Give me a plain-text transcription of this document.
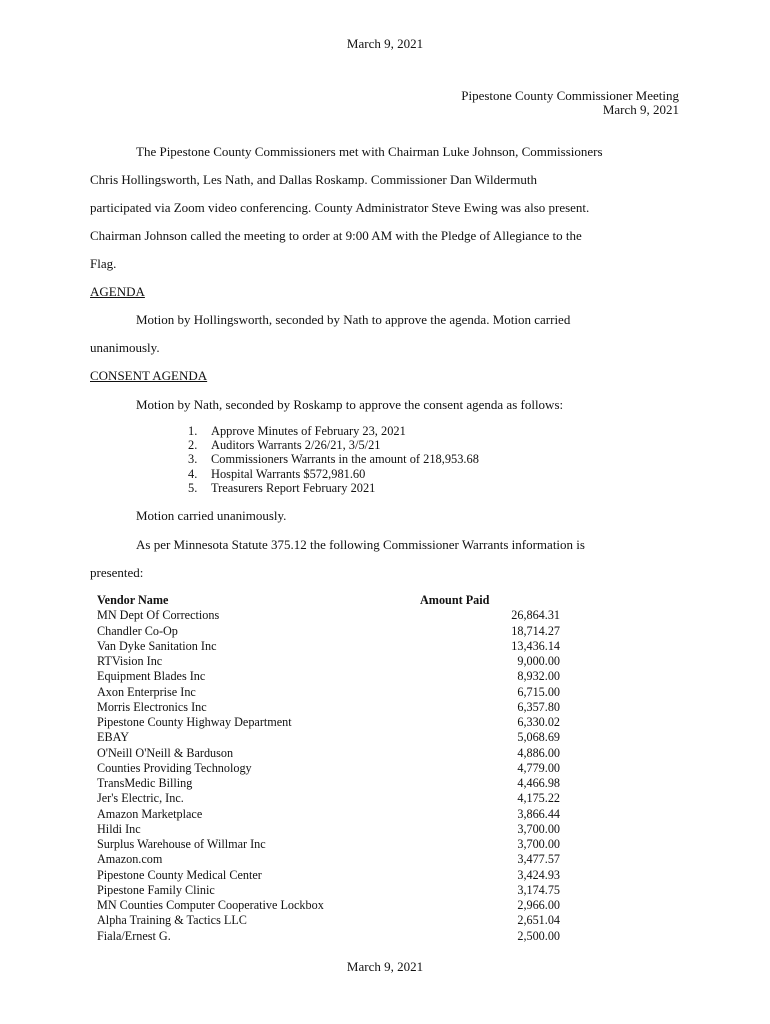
March 9, 2021
Pipestone County Commissioner Meeting
March 9, 2021
The Pipestone County Commissioners met with Chairman Luke Johnson, Commissioners
Chris Hollingsworth, Les Nath, and Dallas Roskamp. Commissioner Dan Wildermuth
participated via Zoom video conferencing. County Administrator Steve Ewing was also present.
Chairman Johnson called the meeting to order at 9:00 AM with the Pledge of Allegiance to the
Flag.
AGENDA
Motion by Hollingsworth, seconded by Nath to approve the agenda. Motion carried
unanimously.
CONSENT AGENDA
Motion by Nath, seconded by Roskamp to approve the consent agenda as follows:
1. Approve Minutes of February 23, 2021
2. Auditors Warrants 2/26/21, 3/5/21
3. Commissioners Warrants in the amount of 218,953.68
4. Hospital Warrants $572,981.60
5. Treasurers Report February 2021
Motion carried unanimously.
As per Minnesota Statute 375.12 the following Commissioner Warrants information is
presented:
Vendor Name	Amount Paid
MN Dept Of Corrections	26,864.31
Chandler Co-Op	18,714.27
Van Dyke Sanitation Inc	13,436.14
RTVision Inc	9,000.00
Equipment Blades Inc	8,932.00
Axon Enterprise Inc	6,715.00
Morris Electronics Inc	6,357.80
Pipestone County Highway Department	6,330.02
EBAY	5,068.69
O'Neill O'Neill & Barduson	4,886.00
Counties Providing Technology	4,779.00
TransMedic Billing	4,466.98
Jer's Electric, Inc.	4,175.22
Amazon Marketplace	3,866.44
Hildi Inc	3,700.00
Surplus Warehouse of Willmar Inc	3,700.00
Amazon.com	3,477.57
Pipestone County Medical Center	3,424.93
Pipestone Family Clinic	3,174.75
MN Counties Computer Cooperative Lockbox	2,966.00
Alpha Training & Tactics LLC	2,651.04
Fiala/Ernest G.	2,500.00
March 9, 2021
